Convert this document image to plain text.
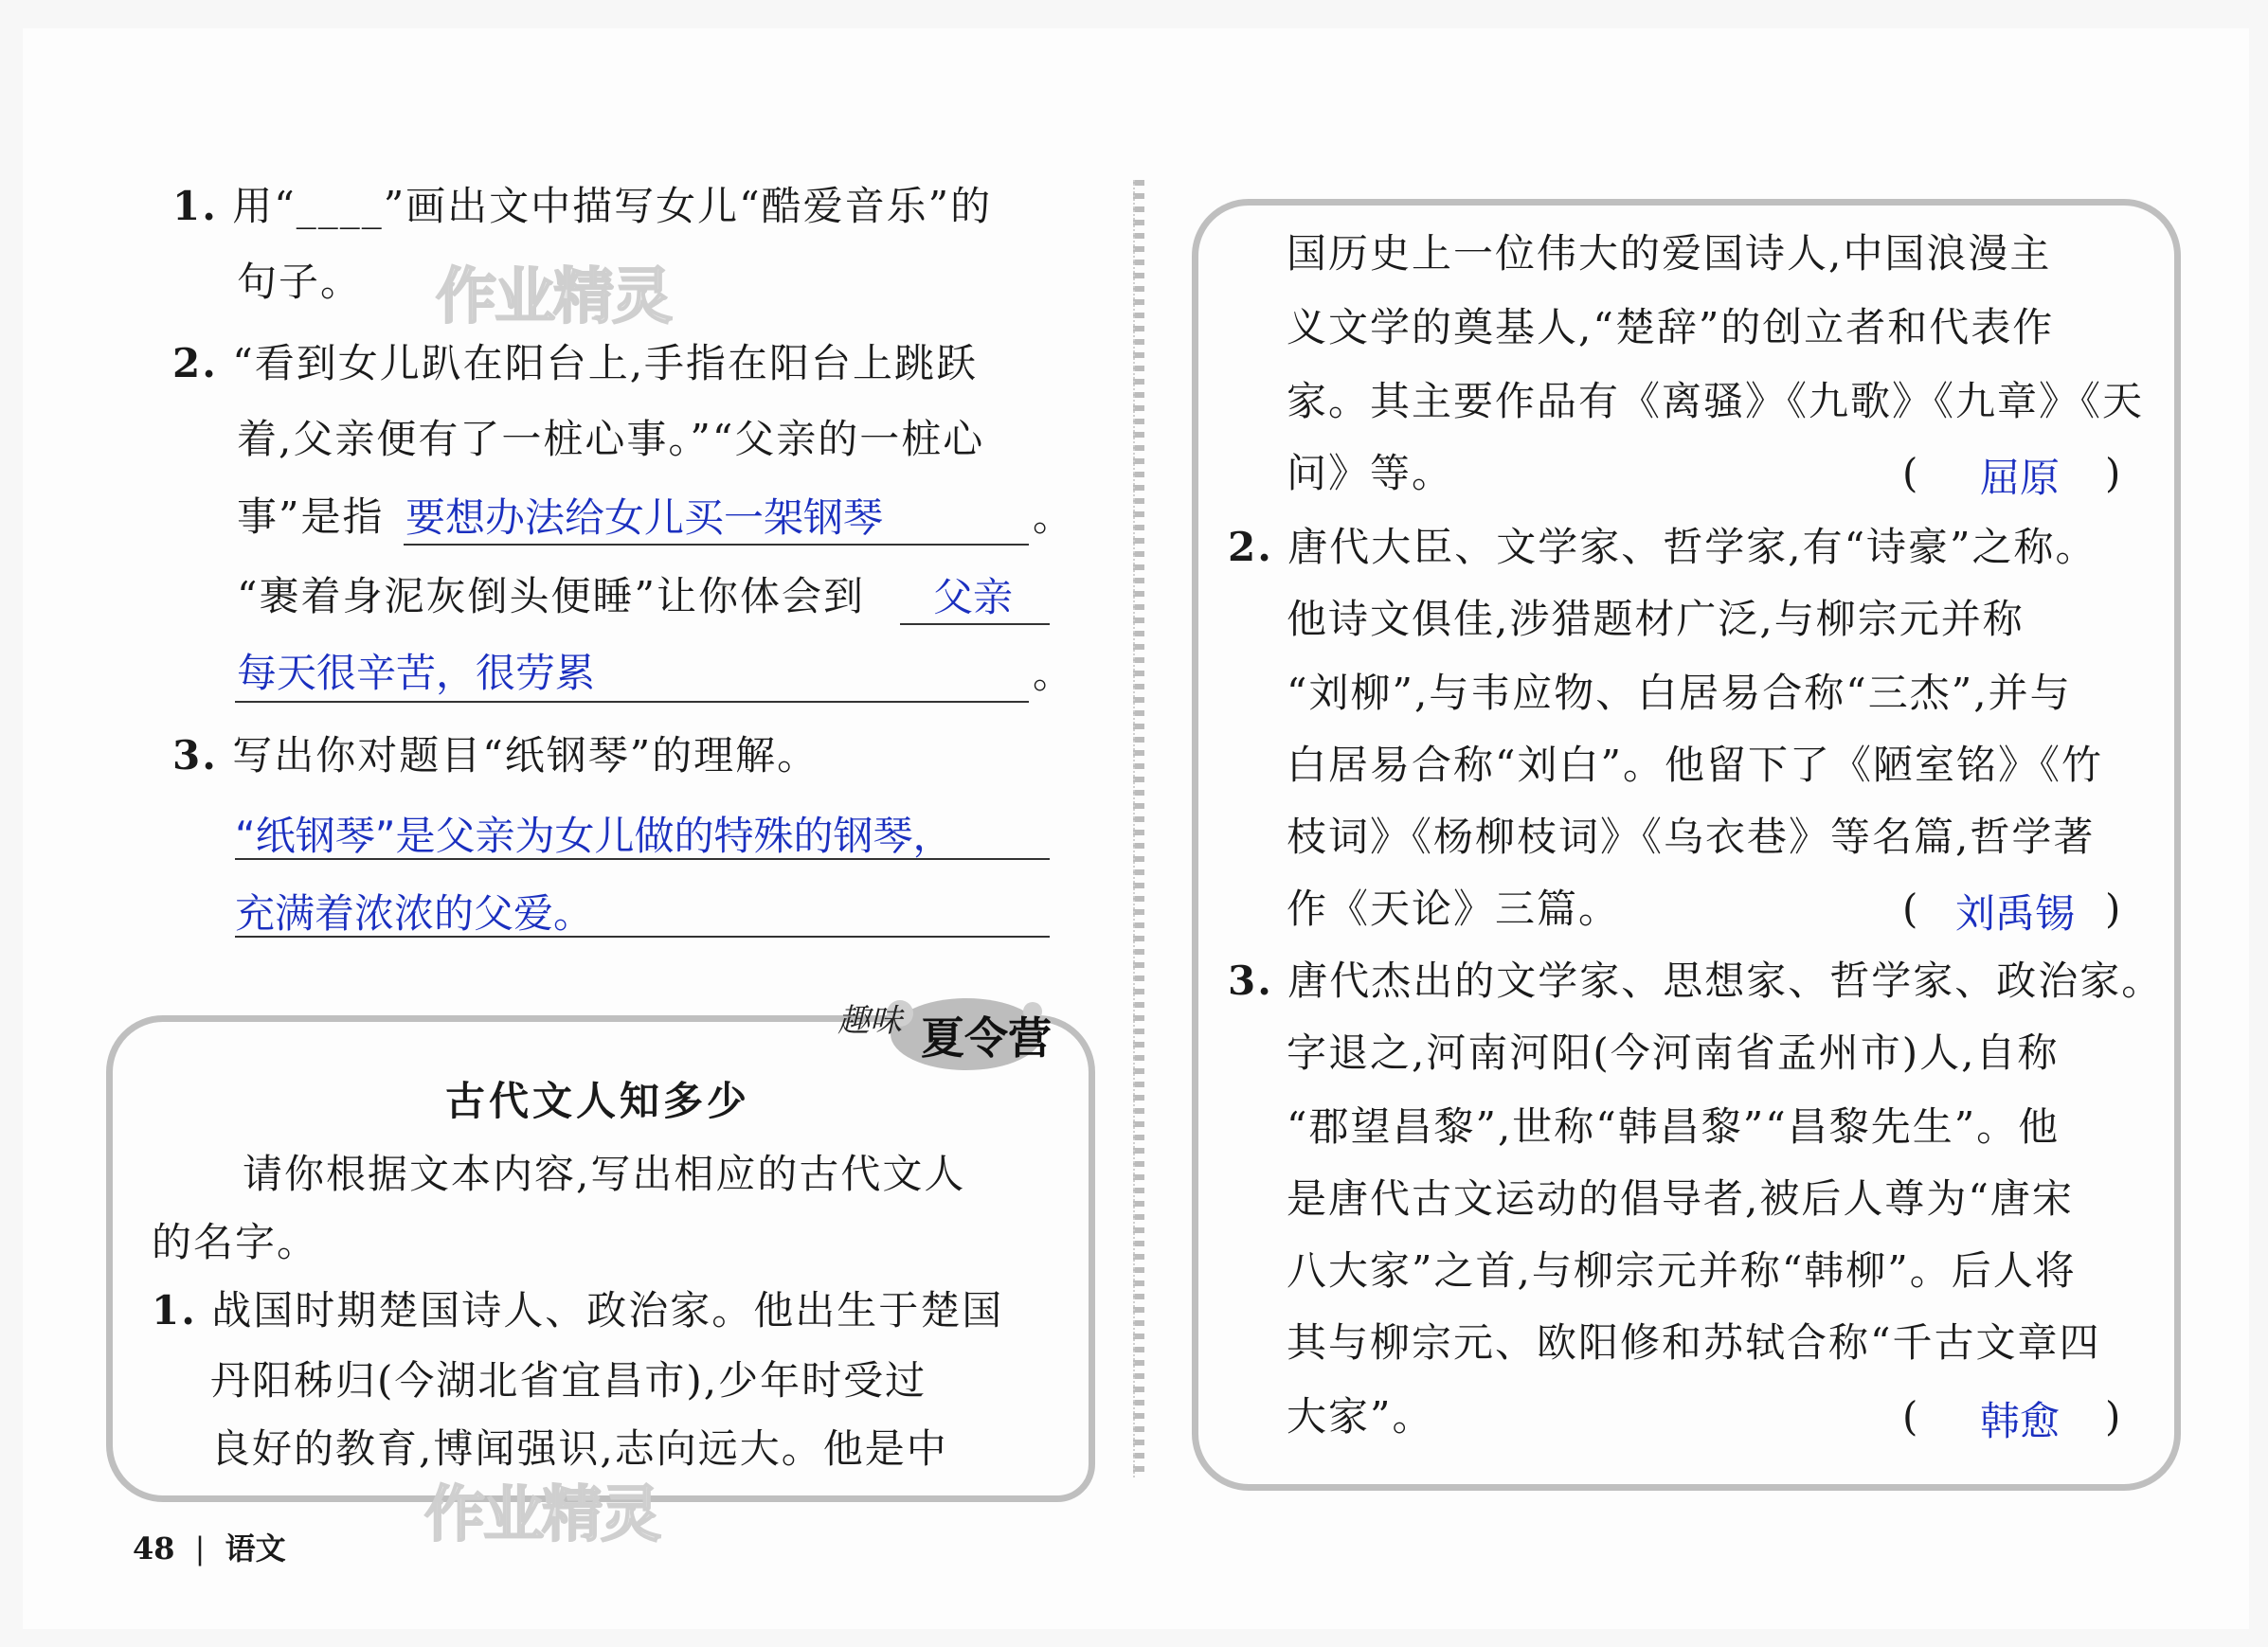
1. 用“____”画出文中描写女儿“酷爱音乐”的
句子。 作业精灵
2. “看到女儿趴在阳台上,手指在阳台上跳跃
着,父亲便有了一桩心事。”“父亲的一桩心
事”是指 要想办法给女儿买一架钢琴	。
“裹着身泥灰倒头便睡”让你体会到 父亲
每天很辛苦，很劳累	。
3. 写出你对题目“纸钢琴”的理解。
“纸钢琴”是父亲为女儿做的特殊的钢琴，
充满着浓浓的父爱。
趣味 夏令营
古代文人知多少
请你根据文本内容,写出相应的古代文人
的名字。
1. 战国时期楚国诗人、政治家。他出生于楚国
丹阳秭归(今湖北省宜昌市),少年时受过
良好的教育,博闻强识,志向远大。他是中
作业精灵
48 | 语文
国历史上一位伟大的爱国诗人,中国浪漫主
义文学的奠基人,“楚辞”的创立者和代表作
家。其主要作品有《离骚》《九歌》《九章》《天
问》等。	( 屈原 )
2. 唐代大臣、文学家、哲学家,有“诗豪”之称。
他诗文俱佳,涉猎题材广泛,与柳宗元并称
“刘柳”,与韦应物、白居易合称“三杰”,并与
白居易合称“刘白”。他留下了《陋室铭》《竹
枝词》《杨柳枝词》《乌衣巷》等名篇,哲学著
作《天论》三篇。	( 刘禹锡 )
3. 唐代杰出的文学家、思想家、哲学家、政治家。
字退之,河南河阳(今河南省孟州市)人,自称
“郡望昌黎”,世称“韩昌黎”“昌黎先生”。他
是唐代古文运动的倡导者,被后人尊为“唐宋
八大家”之首,与柳宗元并称“韩柳”。后人将
其与柳宗元、欧阳修和苏轼合称“千古文章四
大家”。	( 韩愈 )
